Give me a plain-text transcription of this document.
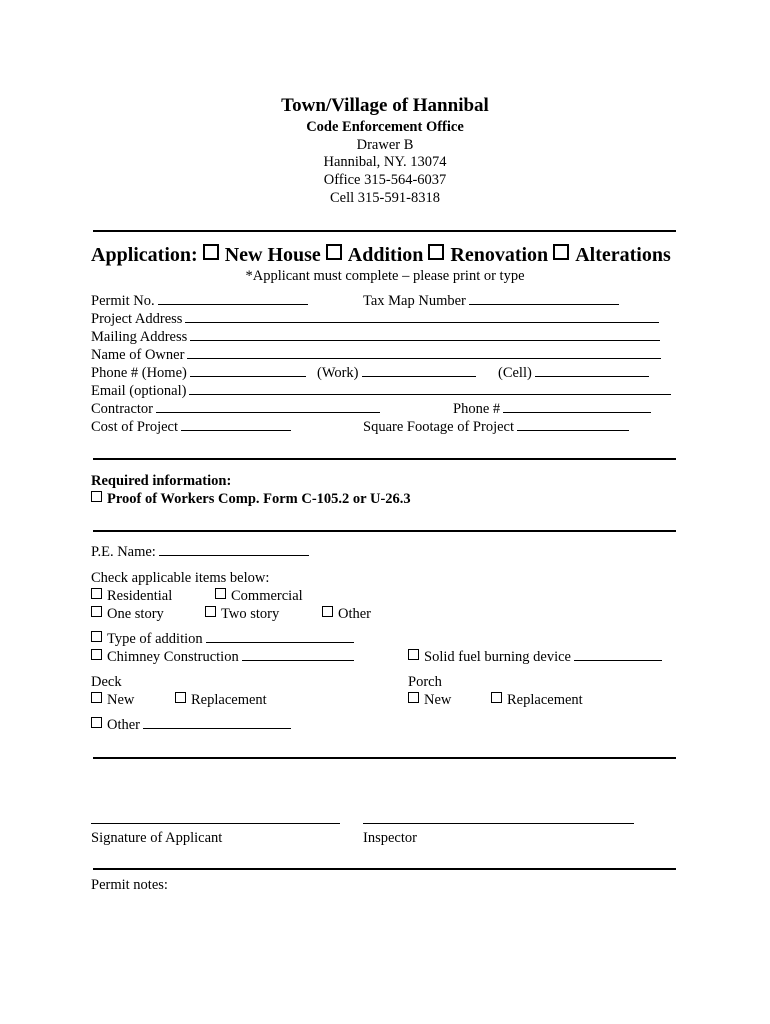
Town/Village of Hannibal
Code Enforcement Office
Drawer B
Hannibal, NY. 13074
Office 315-564-6037
Cell 315-591-8318
Application: New House Addition Renovation Alterations
*Applicant must complete – please print or type
Permit No.	Tax Map Number
Project Address
Mailing Address
Name of Owner
Phone # (Home)	(Work)	(Cell)
Email (optional)
Contractor	Phone #
Cost of Project	Square Footage of Project
Required information:
Proof of Workers Comp. Form C-105.2 or U-26.3
P.E. Name:
Check applicable items below:
Residential	Commercial
One story	Two story	Other
Type of addition
Chimney Construction	Solid fuel burning device
Deck
New	Replacement
Porch
New	Replacement
Other
Signature of Applicant	Inspector
Permit notes:
